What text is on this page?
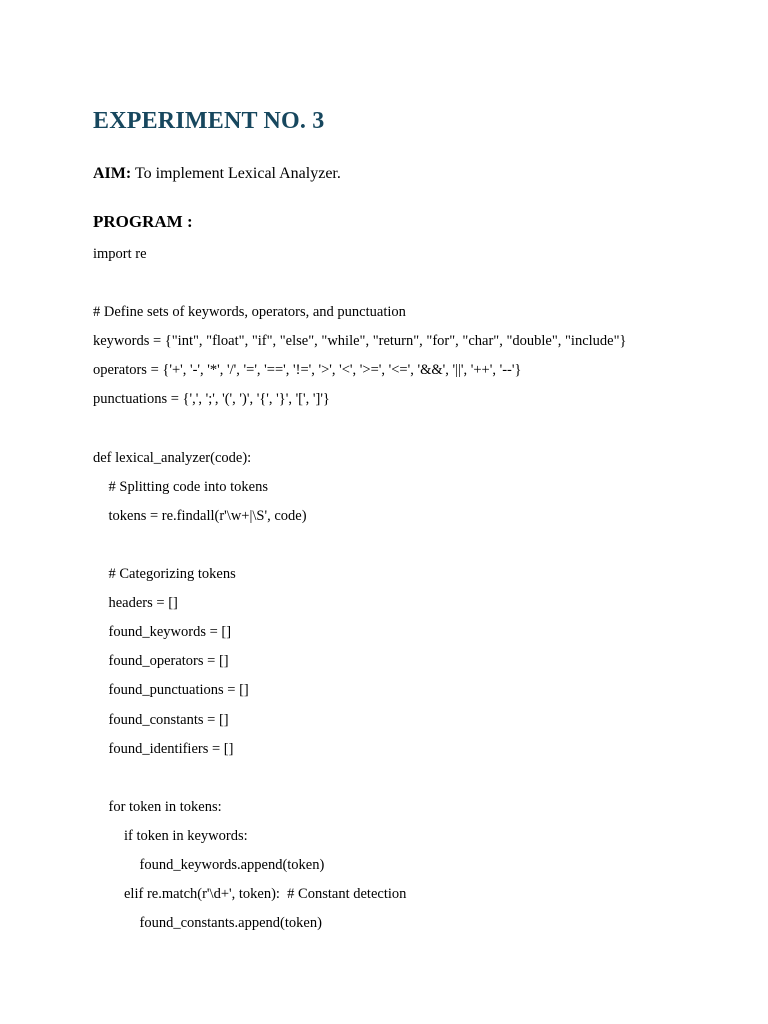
EXPERIMENT NO. 3

AIM: To implement Lexical Analyzer.

PROGRAM :
import re
# Define sets of keywords, operators, and punctuation
keywords = {"int", "float", "if", "else", "while", "return", "for", "char", "double", "include"}
operators = {'+', '-', '*', '/', '=', '==', '!=', '>', '<', '>=', '<=', '&&', '||', '++', '--'}
punctuations = {',', ';', '(', ')', '{', '}', '[', ']'}
def lexical_analyzer(code):
# Splitting code into tokens
tokens = re.findall(r'\w+|\S', code)
# Categorizing tokens
headers = []
found_keywords = []
found_operators = []
found_punctuations = []
found_constants = []
found_identifiers = []
for token in tokens:
if token in keywords:
found_keywords.append(token)
elif re.match(r'\d+', token):  # Constant detection
found_constants.append(token)
